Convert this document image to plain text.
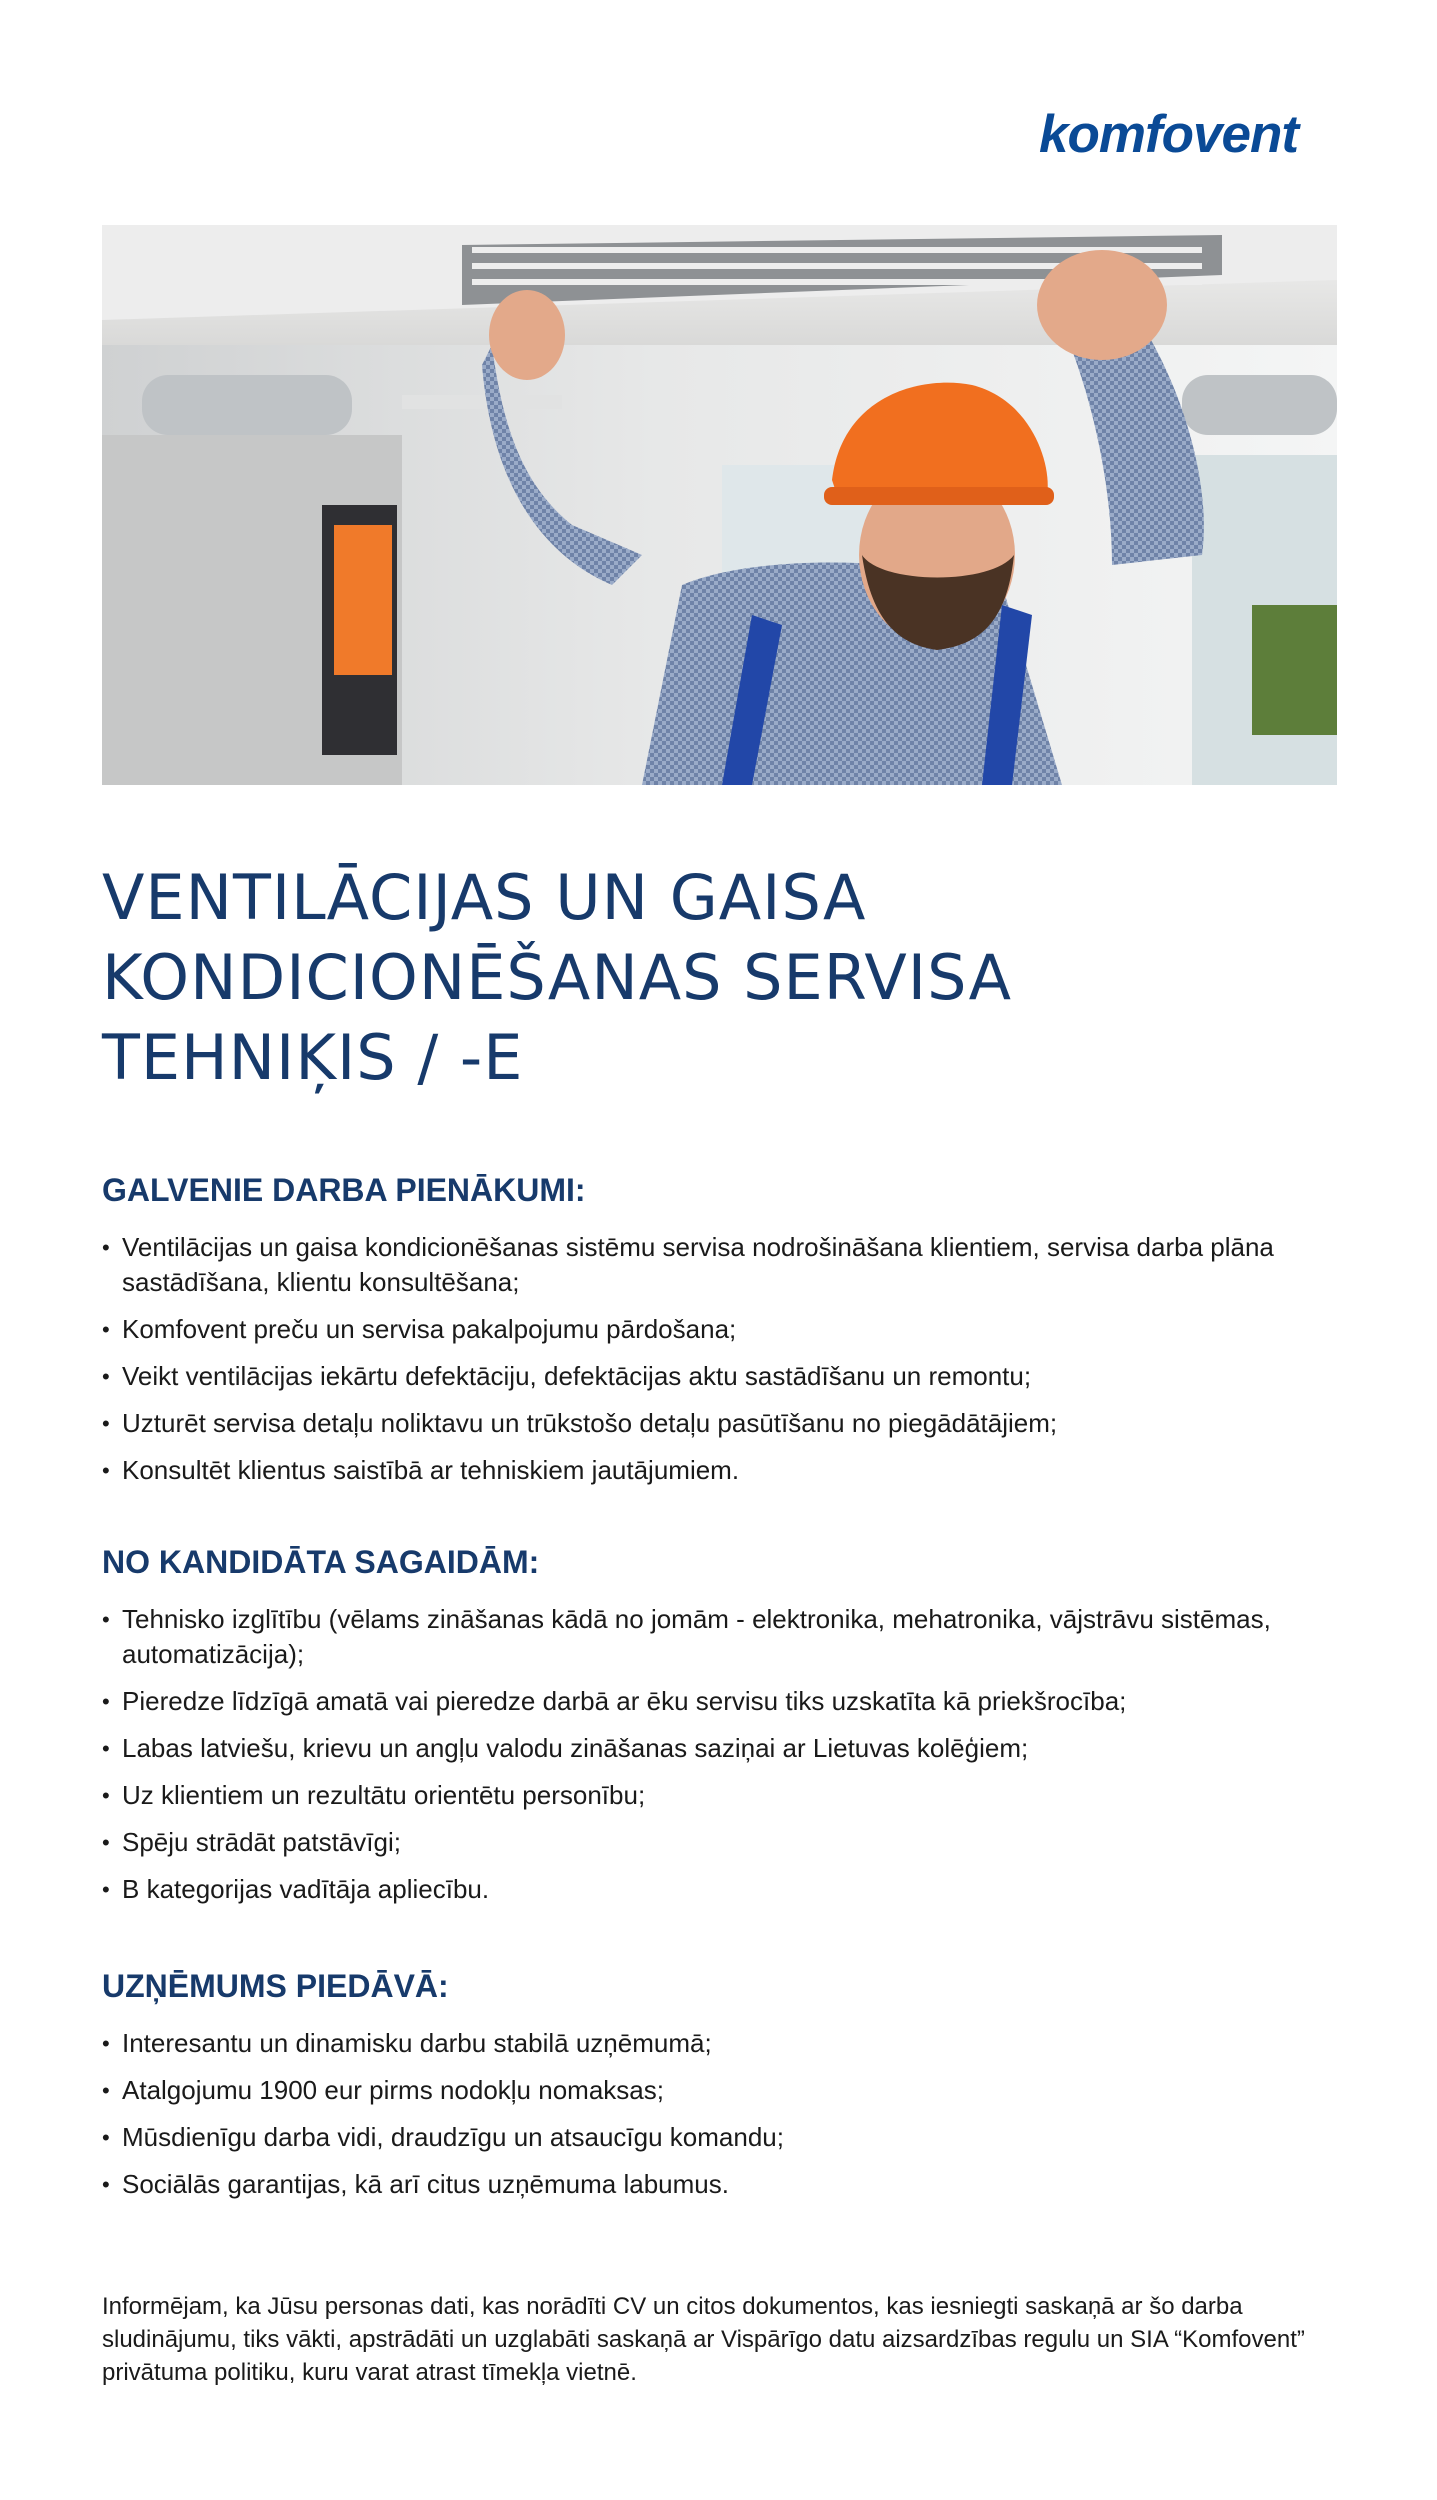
komfovent
VENTILĀCIJAS UN GAISA
KONDICIONĒŠANAS SERVISA
TEHNIĶIS / -E
GALVENIE DARBA PIENĀKUMI:
• Ventilācijas un gaisa kondicionēšanas sistēmu servisa nodrošināšana klientiem, servisa darba plāna sastādīšana, klientu konsultēšana;
• Komfovent preču un servisa pakalpojumu pārdošana;
• Veikt ventilācijas iekārtu defektāciju, defektācijas aktu sastādīšanu un remontu;
• Uzturēt servisa detaļu noliktavu un trūkstošo detaļu pasūtīšanu no piegādātājiem;
• Konsultēt klientus saistībā ar tehniskiem jautājumiem.
NO KANDIDĀTA SAGAIDĀM:
• Tehnisko izglītību (vēlams zināšanas kādā no jomām - elektronika, mehatronika, vājstrāvu sistēmas, automatizācija);
• Pieredze līdzīgā amatā vai pieredze darbā ar ēku servisu tiks uzskatīta kā priekšrocība;
• Labas latviešu, krievu un angļu valodu zināšanas saziņai ar Lietuvas kolēģiem;
• Uz klientiem un rezultātu orientētu personību;
• Spēju strādāt patstāvīgi;
• B kategorijas vadītāja apliecību.
UZŅĒMUMS PIEDĀVĀ:
• Interesantu un dinamisku darbu stabilā uzņēmumā;
• Atalgojumu 1900 eur pirms nodokļu nomaksas;
• Mūsdienīgu darba vidi, draudzīgu un atsaucīgu komandu;
• Sociālās garantijas, kā arī citus uzņēmuma labumus.

Informējam, ka Jūsu personas dati, kas norādīti CV un citos dokumentos, kas iesniegti saskaņā ar šo darba sludinājumu, tiks vākti, apstrādāti un uzglabāti saskaņā ar Vispārīgo datu aizsardzības regulu un SIA “Komfovent” privātuma politiku, kuru varat atrast tīmekļa vietnē.
